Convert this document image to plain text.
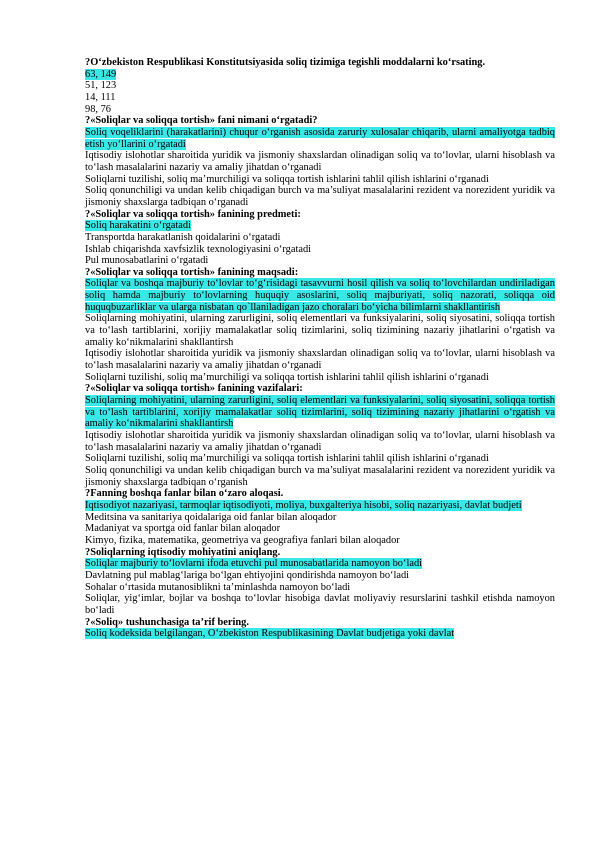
?O‘zbekiston Respublikasi Konstitutsiyasida soliq tizimiga tegishli moddalarni ko‘rsating.

63, 149

51, 123

14, 111

98, 76

?«Soliqlar va soliqqa tortish» fani nimani o‘rgatadi?

Soliq voqeliklarini (harakatlarini) chuqur o‘rganish asosida zaruriy xulosalar chiqarib, ularni amaliyotga tadbiq etish yo‘llarini o‘rgatadi

Iqtisodiy islohotlar sharoitida yuridik va jismoniy shaxslardan olinadigan soliq va to‘lovlar, ularni hisoblash va to‘lash masalalarini nazariy va amaliy jihatdan o‘rganadi

Soliqlarni tuzilishi, soliq ma’murchiligi va soliqqa tortish ishlarini tahlil qilish ishlarini o‘rganadi

Soliq qonunchiligi va undan kelib chiqadigan burch va ma’suliyat masalalarini rezident va norezident yuridik va jismoniy shaxslarga tadbiqan o‘rganadi

?«Soliqlar va soliqqa tortish» fanining predmeti:

Soliq harakatini o‘rgatadi

Transportda harakatlanish qoidalarini o‘rgatadi

Ishlab chiqarishda xavfsizlik texnologiyasini o‘rgatadi

Pul munosabatlarini o‘rgatadi

?«Soliqlar va soliqqa tortish» fanining maqsadi:

Soliqlar va boshqa majburiy to‘lovlar to‘g‘risidagi tasavvurni hosil qilish va soliq to‘lovchilardan undiriladigan soliq hamda majburiy to‘lovlarning huquqiy asoslarini, soliq majburiyati, soliq nazorati, soliqqa oid huquqbuzarliklar va ularga nisbatan qo`llaniladigan jazo choralari bo‘yicha bilimlarni shakllantirish

Soliqlarning mohiyatini, ularning zarurligini, soliq elementlari va funksiyalarini, soliq siyosatini, soliqqa tortish va to‘lash tartiblarini, xorijiy mamalakatlar soliq tizimlarini, soliq tizimining nazariy jihatlarini o‘rgatish va amaliy ko‘nikmalarini shakllantirsh

Iqtisodiy islohotlar sharoitida yuridik va jismoniy shaxslardan olinadigan soliq va to‘lovlar, ularni hisoblash va to‘lash masalalarini nazariy va amaliy jihatdan o‘rganadi

Soliqlarni tuzilishi, soliq ma’murchiligi va soliqqa tortish ishlarini tahlil qilish ishlarini o‘rganadi

?«Soliqlar va soliqqa tortish» fanining vazifalari:

Soliqlarning mohiyatini, ularning zarurligini, soliq elementlari va funksiyalarini, soliq siyosatini, soliqqa tortish va to‘lash tartiblarini, xorijiy mamalakatlar soliq tizimlarini, soliq tizimining nazariy jihatlarini o‘rgatish va amaliy ko‘nikmalarini shakllantirsh

Iqtisodiy islohotlar sharoitida yuridik va jismoniy shaxslardan olinadigan soliq va to‘lovlar, ularni hisoblash va to‘lash masalalarini nazariy va amaliy jihatdan o‘rganadi

Soliqlarni tuzilishi, soliq ma’murchiligi va soliqqa tortish ishlarini tahlil qilish ishlarini o‘rganadi

Soliq qonunchiligi va undan kelib chiqadigan burch va ma’suliyat masalalarini rezident va norezident yuridik va jismoniy shaxslarga tadbiqan o‘rganish

?Fanning boshqa fanlar bilan o‘zaro aloqasi.

Iqtisodiyot nazariyasi, tarmoqlar iqtisodiyoti, moliya, buxgalteriya hisobi, soliq nazariyasi, davlat budjeti

Meditsina va sanitariya qoidalariga oid fanlar bilan aloqador

Madaniyat va sportga oid fanlar bilan aloqador

Kimyo, fizika, matematika, geometriya va geografiya fanlari bilan aloqador

?Soliqlarning iqtisodiy mohiyatini aniqlang.

Soliqlar majburiy to‘lovlarni ifoda etuvchi pul munosabatlarida namoyon bo‘ladi

Davlatning pul mablag‘lariga bo‘lgan ehtiyojini qondirishda namoyon bo‘ladi

Sohalar o‘rtasida mutanosiblikni ta’minlashda namoyon bo‘ladi

Soliqlar, yig‘imlar, bojlar va boshqa to‘lovlar hisobiga davlat moliyaviy resurslarini tashkil etishda namoyon bo‘ladi

?«Soliq» tushunchasiga ta’rif bering.

Soliq kodeksida belgilangan, O‘zbekiston Respublikasining Davlat budjetiga yoki davlat
